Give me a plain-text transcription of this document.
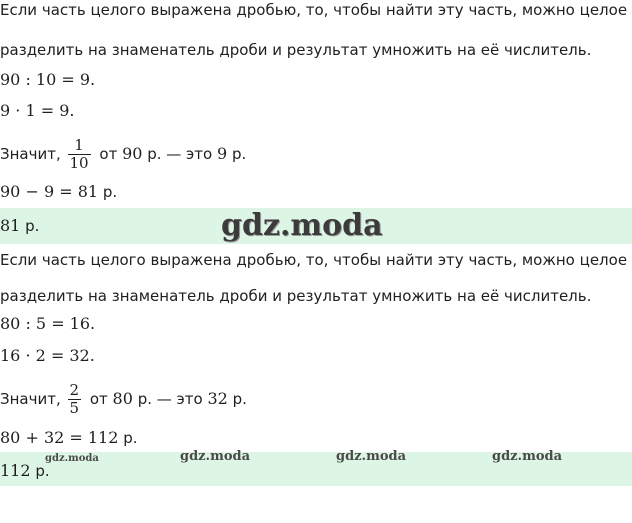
Если часть целого выражена дробью, то, чтобы найти эту часть, можно целое
разделить на знаменатель дроби и результат умножить на её числитель.
90 : 10 = 9.
9 · 1 = 9.
Значит, $\frac{1}{10}$ от 90 р. — это 9 р.
90 − 9 = 81 р.
81 р.	gdz.moda
Если часть целого выражена дробью, то, чтобы найти эту часть, можно целое
разделить на знаменатель дроби и результат умножить на её числитель.
80 : 5 = 16.
16 · 2 = 32.
Значит, $\frac{2}{5}$ от 80 р. — это 32 р.
80 + 32 = 112 р.
112 р.
gdz.moda	gdz.moda	gdz.moda	gdz.moda
